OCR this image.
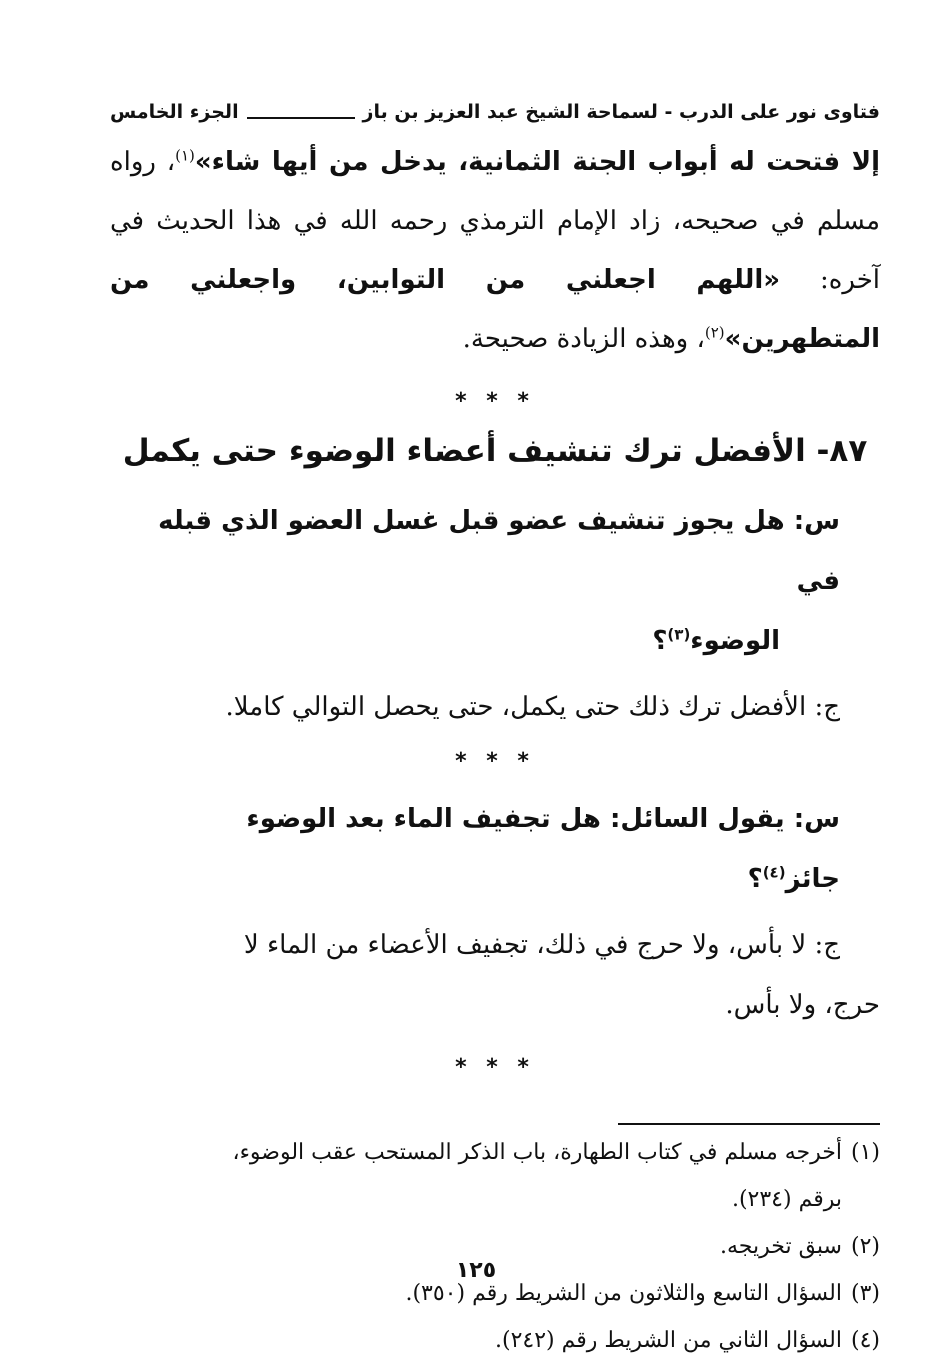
فتاوى نور على الدرب - لسماحة الشيخ عبد العزيز بن باز
الجزء الخامس

إلا فتحت له أبواب الجنة الثمانية، يدخل من أيها شاء»$^{(١)}$، رواه مسلم في صحيحه، زاد الإمام الترمذي رحمه الله في هذا الحديث في آخره: «اللهم اجعلني من التوابين، واجعلني من المتطهرين»$^{(٢)}$، وهذه الزيادة صحيحة.

* * *
٨٧- الأفضل ترك تنشيف أعضاء الوضوء حتى يكمل
س: هل يجوز تنشيف عضو قبل غسل العضو الذي قبله في
الوضوء$^{(٣)}$؟
ج: الأفضل ترك ذلك حتى يكمل، حتى يحصل التوالي كاملا.
* * *
س: يقول السائل: هل تجفيف الماء بعد الوضوء جائز$^{(٤)}$؟
ج: لا بأس، ولا حرج في ذلك، تجفيف الأعضاء من الماء لا
حرج، ولا بأس.
* * *
(١)أخرجه مسلم في كتاب الطهارة، باب الذكر المستحب عقب الوضوء،
برقم (٢٣٤).
(٢)سبق تخريجه.
(٣)السؤال التاسع والثلاثون من الشريط رقم (٣٥٠).
(٤)السؤال الثاني من الشريط رقم (٢٤٢).
١٢٥
